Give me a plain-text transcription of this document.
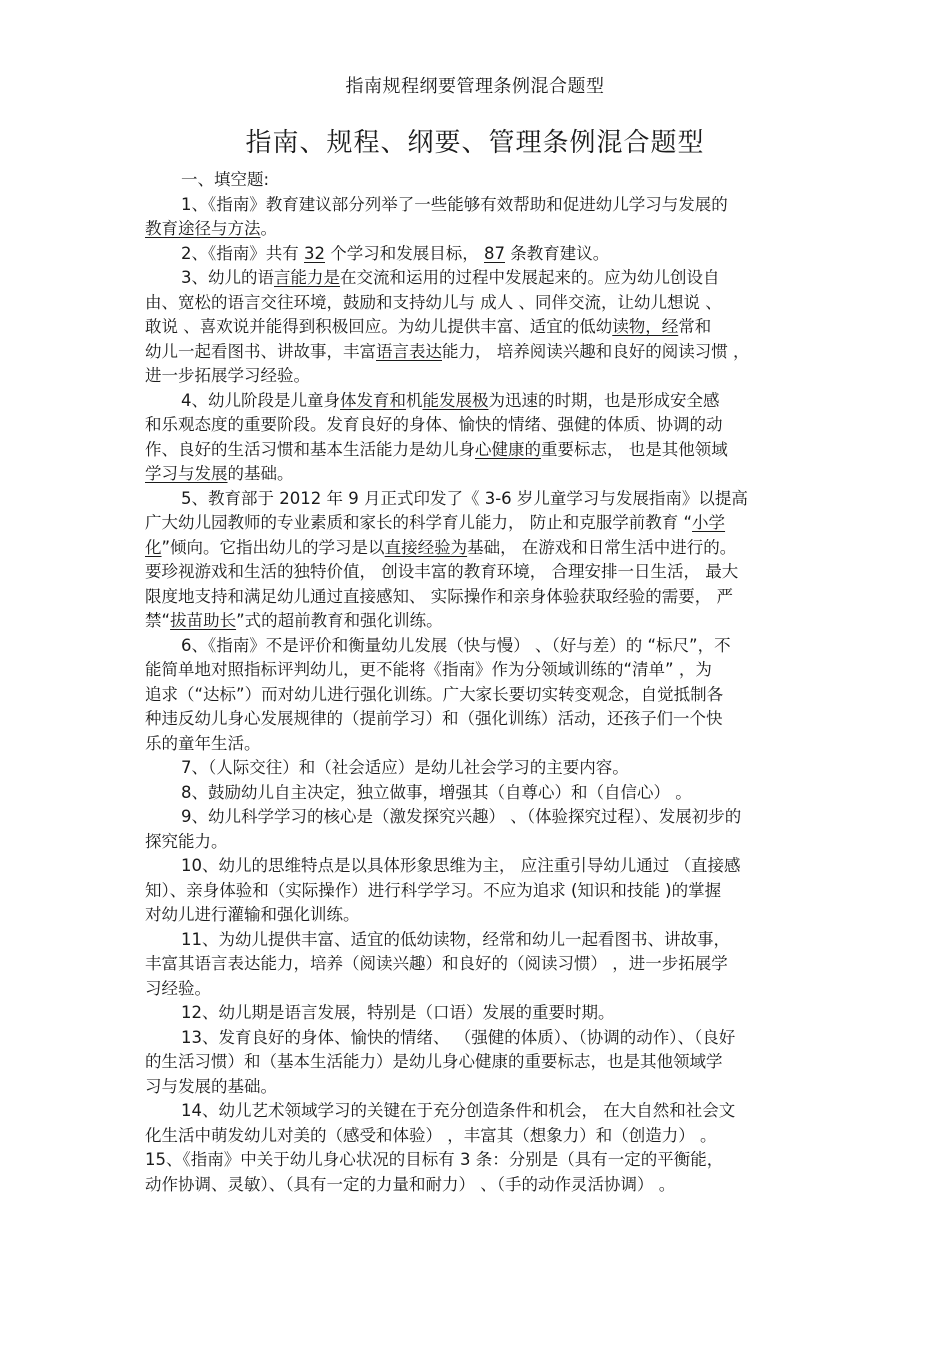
指南规程纲要管理条例混合题型
指南、规程、纲要、管理条例混合题型
一、填空题:
1、《指南》教育建议部分列举了一些能够有效帮助和促进幼儿学习与发展的
教育途径与方法。
2、《指南》共有 32 个学习和发展目标， 87 条教育建议。
3、幼儿的语言能力是在交流和运用的过程中发展起来的。应为幼儿创设自
由、宽松的语言交往环境，鼓励和支持幼儿与 成人 、同伴交流，让幼儿想说 、
敢说 、喜欢说并能得到积极回应。为幼儿提供丰富、适宜的低幼读物，经常和
幼儿一起看图书、讲故事，丰富语言表达能力， 培养阅读兴趣和良好的阅读习惯 ，
进一步拓展学习经验。
4、幼儿阶段是儿童身体发育和机能发展极为迅速的时期，也是形成安全感
和乐观态度的重要阶段。发育良好的身体、愉快的情绪、强健的体质、协调的动
作、良好的生活习惯和基本生活能力是幼儿身心健康的重要标志， 也是其他领域
学习与发展的基础。
5、教育部于 2012 年 9 月正式印发了《 3-6 岁儿童学习与发展指南》以提高
广大幼儿园教师的专业素质和家长的科学育儿能力， 防止和克服学前教育 “小学
化”倾向。它指出幼儿的学习是以直接经验为基础， 在游戏和日常生活中进行的。
要珍视游戏和生活的独特价值， 创设丰富的教育环境， 合理安排一日生活， 最大
限度地支持和满足幼儿通过直接感知、 实际操作和亲身体验获取经验的需要， 严
禁“拔苗助长”式的超前教育和强化训练。
6、《指南》不是评价和衡量幼儿发展（快与慢） 、（好与差）的 “标尺”，不
能简单地对照指标评判幼儿，更不能将《指南》作为分领域训练的“清单” ，为
追求（“达标”）而对幼儿进行强化训练。广大家长要切实转变观念，自觉抵制各
种违反幼儿身心发展规律的（提前学习）和（强化训练）活动，还孩子们一个快
乐的童年生活。
7、（人际交往）和（社会适应）是幼儿社会学习的主要内容。
8、鼓励幼儿自主决定，独立做事，增强其（自尊心）和（自信心） 。
9、幼儿科学学习的核心是（激发探究兴趣） 、（体验探究过程）、发展初步的
探究能力。
10、幼儿的思维特点是以具体形象思维为主， 应注重引导幼儿通过 （直接感
知）、亲身体验和（实际操作）进行科学学习。不应为追求 (知识和技能 )的掌握
对幼儿进行灌输和强化训练。
11、为幼儿提供丰富、适宜的低幼读物，经常和幼儿一起看图书、讲故事，
丰富其语言表达能力，培养（阅读兴趣）和良好的（阅读习惯） ，进一步拓展学
习经验。
12、幼儿期是语言发展，特别是（口语）发展的重要时期。
13、发育良好的身体、愉快的情绪、 （强健的体质）、（协调的动作）、（良好
的生活习惯）和（基本生活能力）是幼儿身心健康的重要标志，也是其他领域学
习与发展的基础。
14、幼儿艺术领域学习的关键在于充分创造条件和机会， 在大自然和社会文
化生活中萌发幼儿对美的（感受和体验） ，丰富其（想象力）和（创造力） 。
15、《指南》中关于幼儿身心状况的目标有 3 条：分别是（具有一定的平衡能，
动作协调、灵敏）、（具有一定的力量和耐力） 、（手的动作灵活协调） 。
